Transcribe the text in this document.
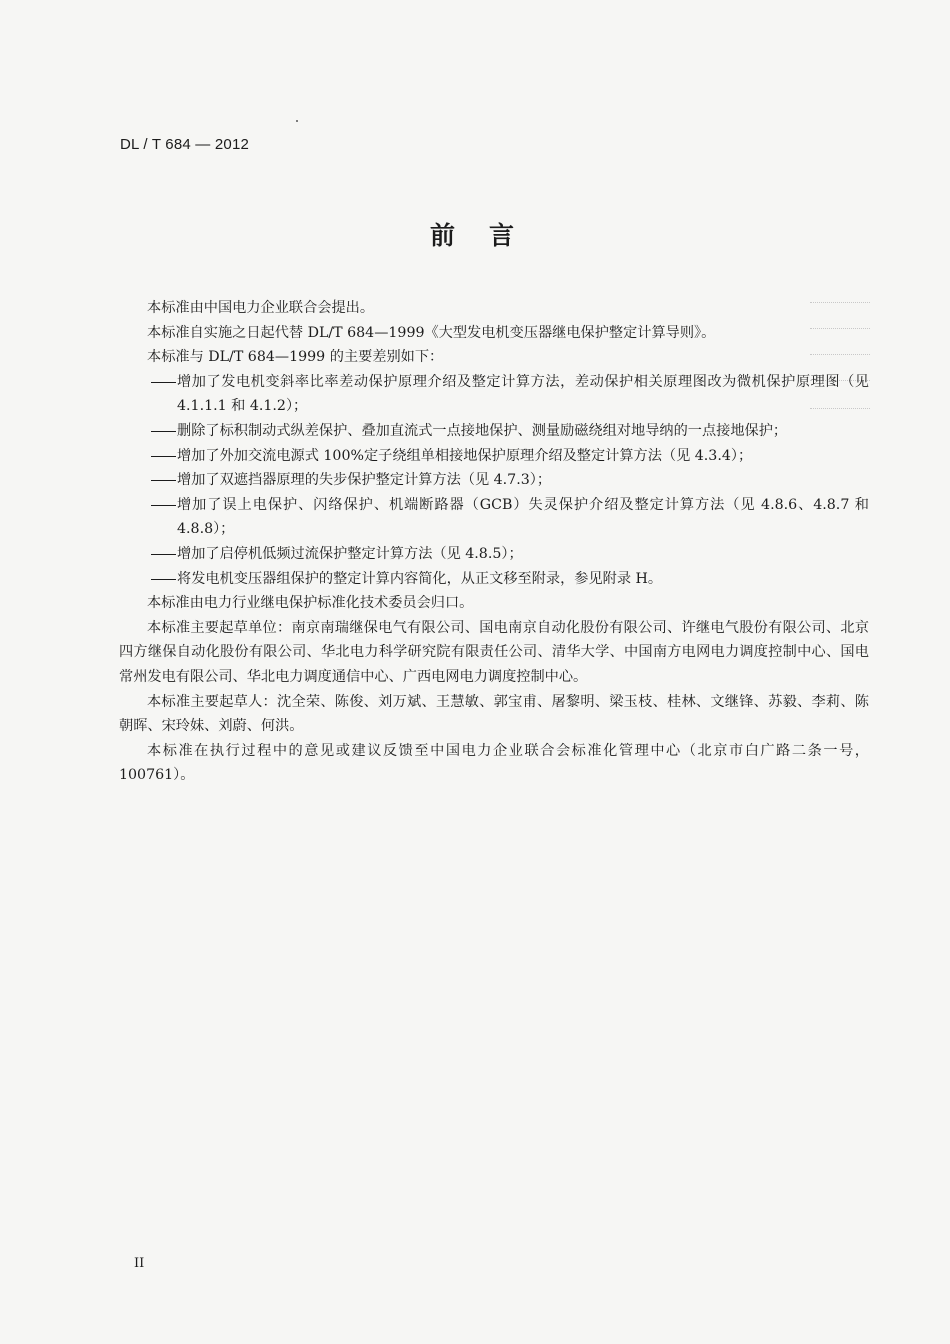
DL / T 684 — 2012
前言

本标准由中国电力企业联合会提出。

本标准自实施之日起代替 DL/T 684—1999《大型发电机变压器继电保护整定计算导则》。

本标准与 DL/T 684—1999 的主要差别如下：

增加了发电机变斜率比率差动保护原理介绍及整定计算方法，差动保护相关原理图改为微机保护原理图（见 4.1.1.1 和 4.1.2）；

删除了标积制动式纵差保护、叠加直流式一点接地保护、测量励磁绕组对地导纳的一点接地保护；

增加了外加交流电源式 100%定子绕组单相接地保护原理介绍及整定计算方法（见 4.3.4）；

增加了双遮挡器原理的失步保护整定计算方法（见 4.7.3）；

增加了误上电保护、闪络保护、机端断路器（GCB）失灵保护介绍及整定计算方法（见 4.8.6、4.8.7 和 4.8.8）；

增加了启停机低频过流保护整定计算方法（见 4.8.5）；

将发电机变压器组保护的整定计算内容简化，从正文移至附录，参见附录 H。

本标准由电力行业继电保护标准化技术委员会归口。

本标准主要起草单位：南京南瑞继保电气有限公司、国电南京自动化股份有限公司、许继电气股份有限公司、北京四方继保自动化股份有限公司、华北电力科学研究院有限责任公司、清华大学、中国南方电网电力调度控制中心、国电常州发电有限公司、华北电力调度通信中心、广西电网电力调度控制中心。

本标准主要起草人：沈全荣、陈俊、刘万斌、王慧敏、郭宝甫、屠黎明、梁玉枝、桂林、文继锋、苏毅、李莉、陈朝晖、宋玲妹、刘蔚、何洪。

本标准在执行过程中的意见或建议反馈至中国电力企业联合会标准化管理中心（北京市白广路二条一号，100761）。

II
